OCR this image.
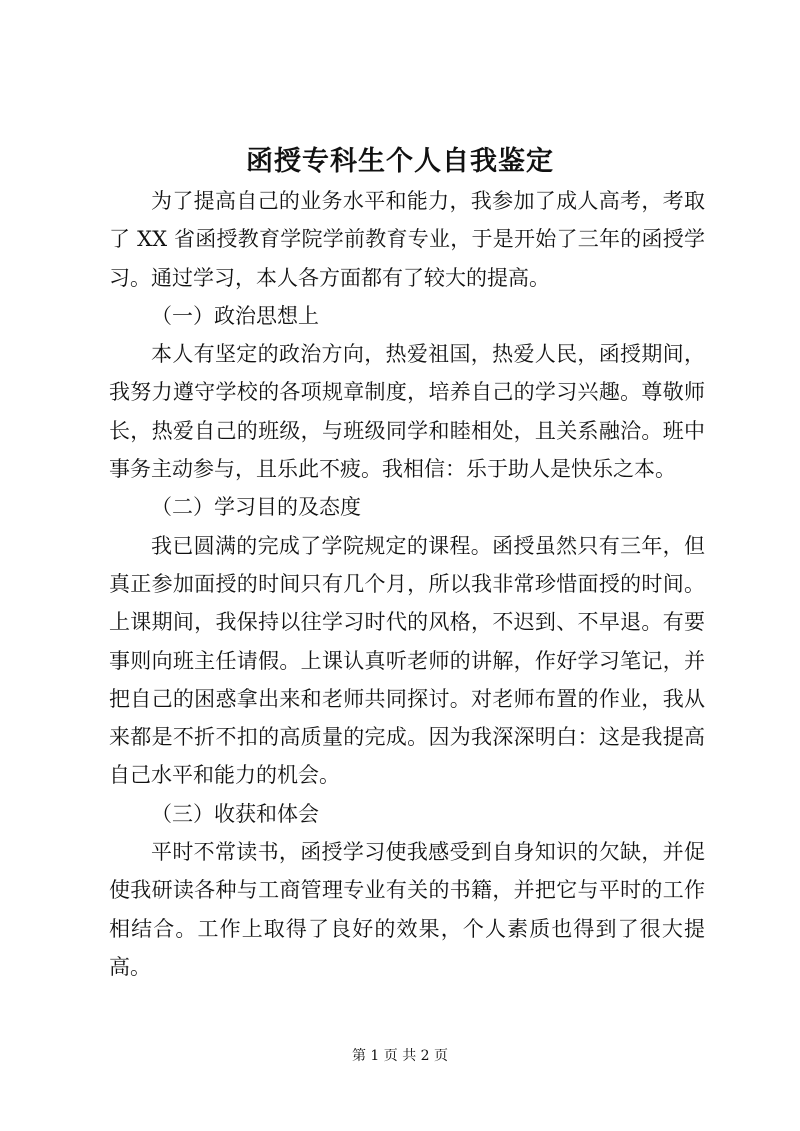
函授专科生个人自我鉴定

为了提高自己的业务水平和能力，我参加了成人高考，考取了 XX 省函授教育学院学前教育专业，于是开始了三年的函授学习。通过学习，本人各方面都有了较大的提高。

（一）政治思想上

本人有坚定的政治方向，热爱祖国，热爱人民，函授期间，我努力遵守学校的各项规章制度，培养自己的学习兴趣。尊敬师长，热爱自己的班级，与班级同学和睦相处，且关系融洽。班中事务主动参与，且乐此不疲。我相信：乐于助人是快乐之本。

（二）学习目的及态度

我已圆满的完成了学院规定的课程。函授虽然只有三年，但真正参加面授的时间只有几个月，所以我非常珍惜面授的时间。上课期间，我保持以往学习时代的风格，不迟到、不早退。有要事则向班主任请假。上课认真听老师的讲解，作好学习笔记，并把自己的困惑拿出来和老师共同探讨。对老师布置的作业，我从来都是不折不扣的高质量的完成。因为我深深明白：这是我提高自己水平和能力的机会。

（三）收获和体会

平时不常读书，函授学习使我感受到自身知识的欠缺，并促使我研读各种与工商管理专业有关的书籍，并把它与平时的工作相结合。工作上取得了良好的效果，个人素质也得到了很大提高。

第 1 页 共 2 页
